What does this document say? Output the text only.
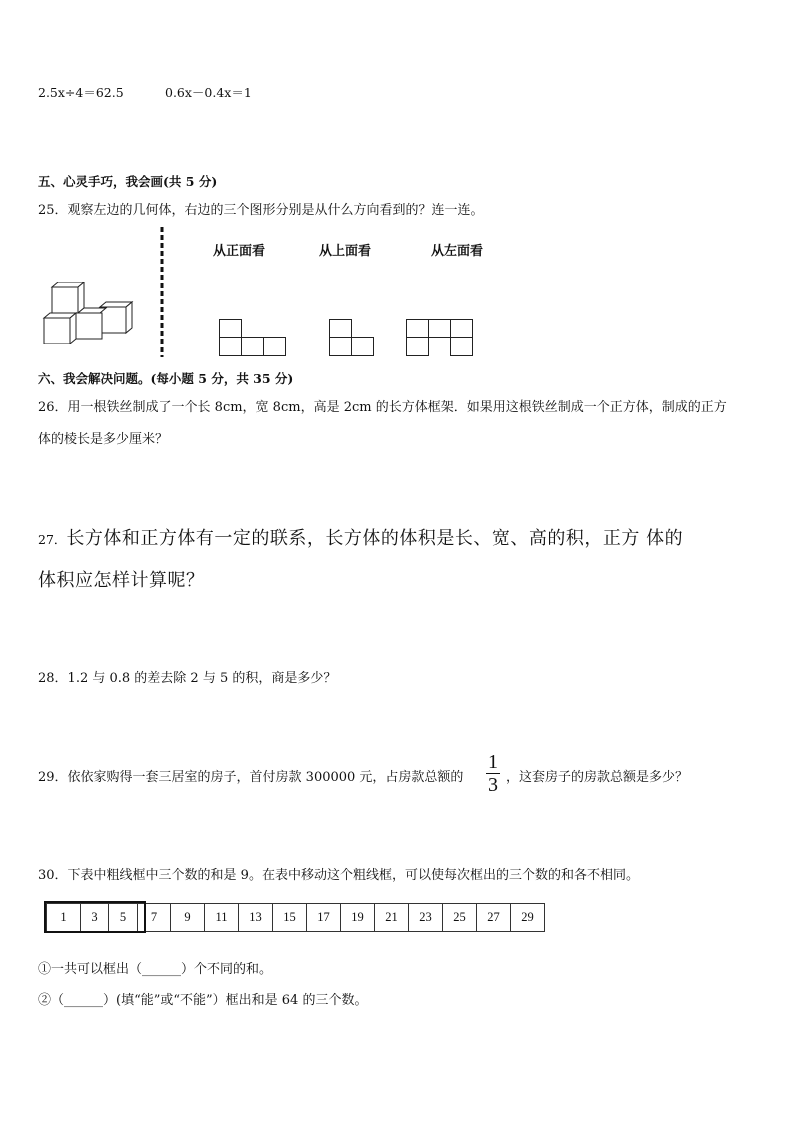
2.5x÷4＝62.5	0.6x－0.4x＝1
五、心灵手巧，我会画(共 5 分)
25．观察左边的几何体，右边的三个图形分别是从什么方向看到的？连一连。
从正面看	从上面看	从左面看
六、我会解决问题。(每小题 5 分，共 35 分)
26．用一根铁丝制成了一个长 8cm，宽 8cm，高是 2cm 的长方体框架．如果用这根铁丝制成一个正方体，制成的正方
体的棱长是多少厘米？
27．长方体和正方体有一定的联系，长方体的体积是长、宽、高的积，正方 体的
体积应怎样计算呢？
28．1.2 与 0.8 的差去除 2 与 5 的积，商是多少？
29．依依家购得一套三居室的房子，首付房款 300000 元，占房款总额的
1
3 ，这套房子的房款总额是多少？
30．下表中粗线框中三个数的和是 9。在表中移动这个粗线框，可以使每次框出的三个数的和各不相同。
1	3	5	7	9	11	13	15	17	19	21	23	25	27	29
①一共可以框出（______）个不同的和。
②（______）(填“能”或“不能”）框出和是 64 的三个数。
